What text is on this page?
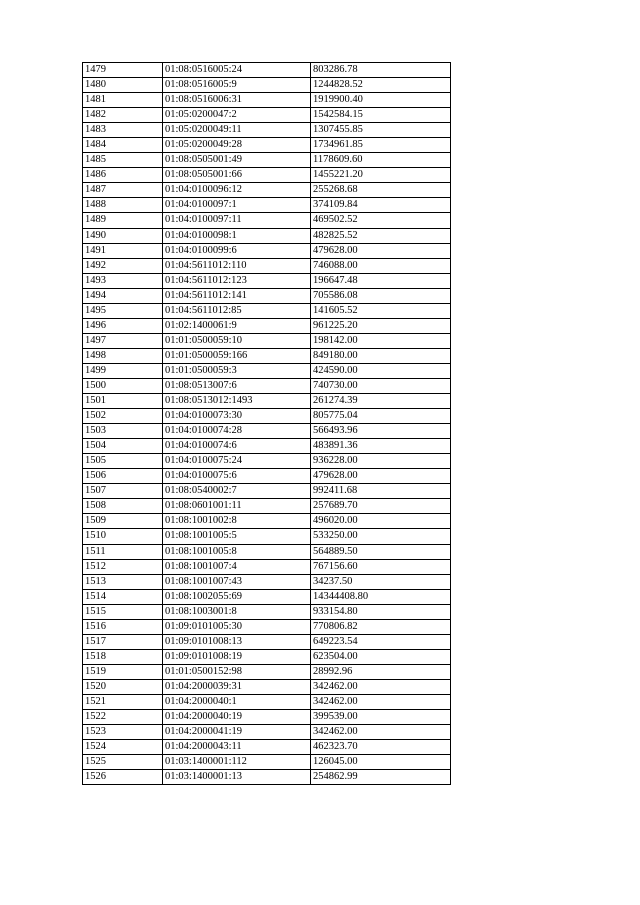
1479	01:08:0516005:24	803286.78
1480	01:08:0516005:9	1244828.52
1481	01:08:0516006:31	1919900.40
1482	01:05:0200047:2	1542584.15
1483	01:05:0200049:11	1307455.85
1484	01:05:0200049:28	1734961.85
1485	01:08:0505001:49	1178609.60
1486	01:08:0505001:66	1455221.20
1487	01:04:0100096:12	255268.68
1488	01:04:0100097:1	374109.84
1489	01:04:0100097:11	469502.52
1490	01:04:0100098:1	482825.52
1491	01:04:0100099:6	479628.00
1492	01:04:5611012:110	746088.00
1493	01:04:5611012:123	196647.48
1494	01:04:5611012:141	705586.08
1495	01:04:5611012:85	141605.52
1496	01:02:1400061:9	961225.20
1497	01:01:0500059:10	198142.00
1498	01:01:0500059:166	849180.00
1499	01:01:0500059:3	424590.00
1500	01:08:0513007:6	740730.00
1501	01:08:0513012:1493	261274.39
1502	01:04:0100073:30	805775.04
1503	01:04:0100074:28	566493.96
1504	01:04:0100074:6	483891.36
1505	01:04:0100075:24	936228.00
1506	01:04:0100075:6	479628.00
1507	01:08:0540002:7	992411.68
1508	01:08:0601001:11	257689.70
1509	01:08:1001002:8	496020.00
1510	01:08:1001005:5	533250.00
1511	01:08:1001005:8	564889.50
1512	01:08:1001007:4	767156.60
1513	01:08:1001007:43	34237.50
1514	01:08:1002055:69	14344408.80
1515	01:08:1003001:8	933154.80
1516	01:09:0101005:30	770806.82
1517	01:09:0101008:13	649223.54
1518	01:09:0101008:19	623504.00
1519	01:01:0500152:98	28992.96
1520	01:04:2000039:31	342462.00
1521	01:04:2000040:1	342462.00
1522	01:04:2000040:19	399539.00
1523	01:04:2000041:19	342462.00
1524	01:04:2000043:11	462323.70
1525	01:03:1400001:112	126045.00
1526	01:03:1400001:13	254862.99
